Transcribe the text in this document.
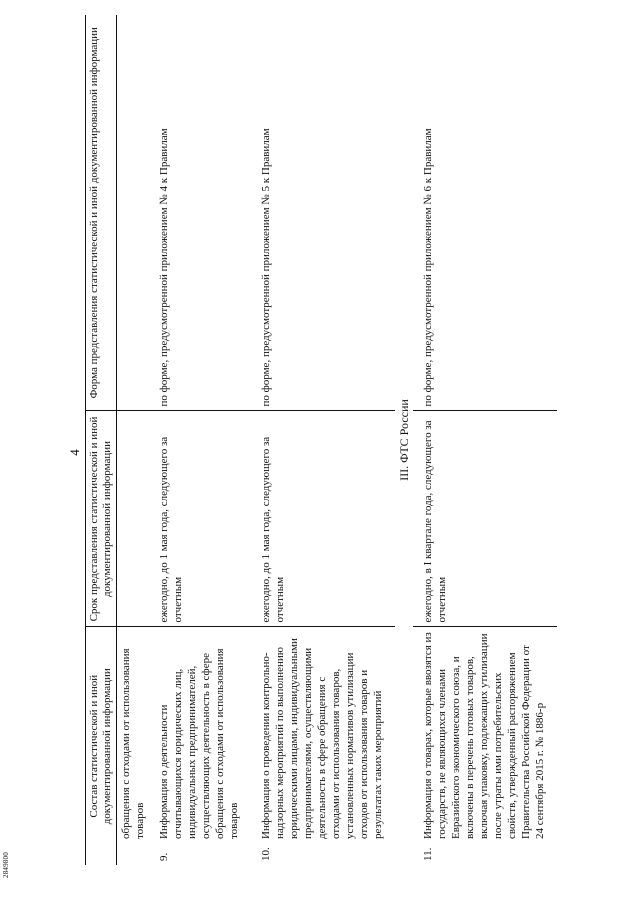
4
Состав статистической и иной документированной информации		Срок представления статистической и иной документированной информации	Форма представления статистической и иной документированной информации
	обращения с отходами от использования товаров		
9.	Информация о деятельности отчитывающихся юридических лиц, индивидуальных предпринимателей, осуществляющих деятельность в сфере обращения с отходами от использования товаров	ежегодно, до 1 мая года, следующего за отчетным	по форме, предусмотренной приложением № 4 к Правилам
10.	Информация о проведении контрольно-надзорных мероприятий по выполнению юридическими лицами, индивидуальными предпринимателями, осуществляющими деятельность в сфере обращения с отходами от использования товаров, установленных нормативов утилизации отходов от использования товаров и результатах таких мероприятий	ежегодно, до 1 мая года, следующего за отчетным	по форме, предусмотренной приложением № 5 к Правилам
III. ФТС России			
11.	Информация о товарах, которые ввозятся из государств, не являющихся членами Евразийского экономического союза, и включены в перечень готовых товаров, включая упаковку, подлежащих утилизации после утраты ими потребительских свойств, утвержденный распоряжением Правительства Российской Федерации от 24 сентября 2015 г. № 1886-р	ежегодно, в I квартале года, следующего за отчетным	по форме, предусмотренной приложением № 6 к Правилам
2849800
